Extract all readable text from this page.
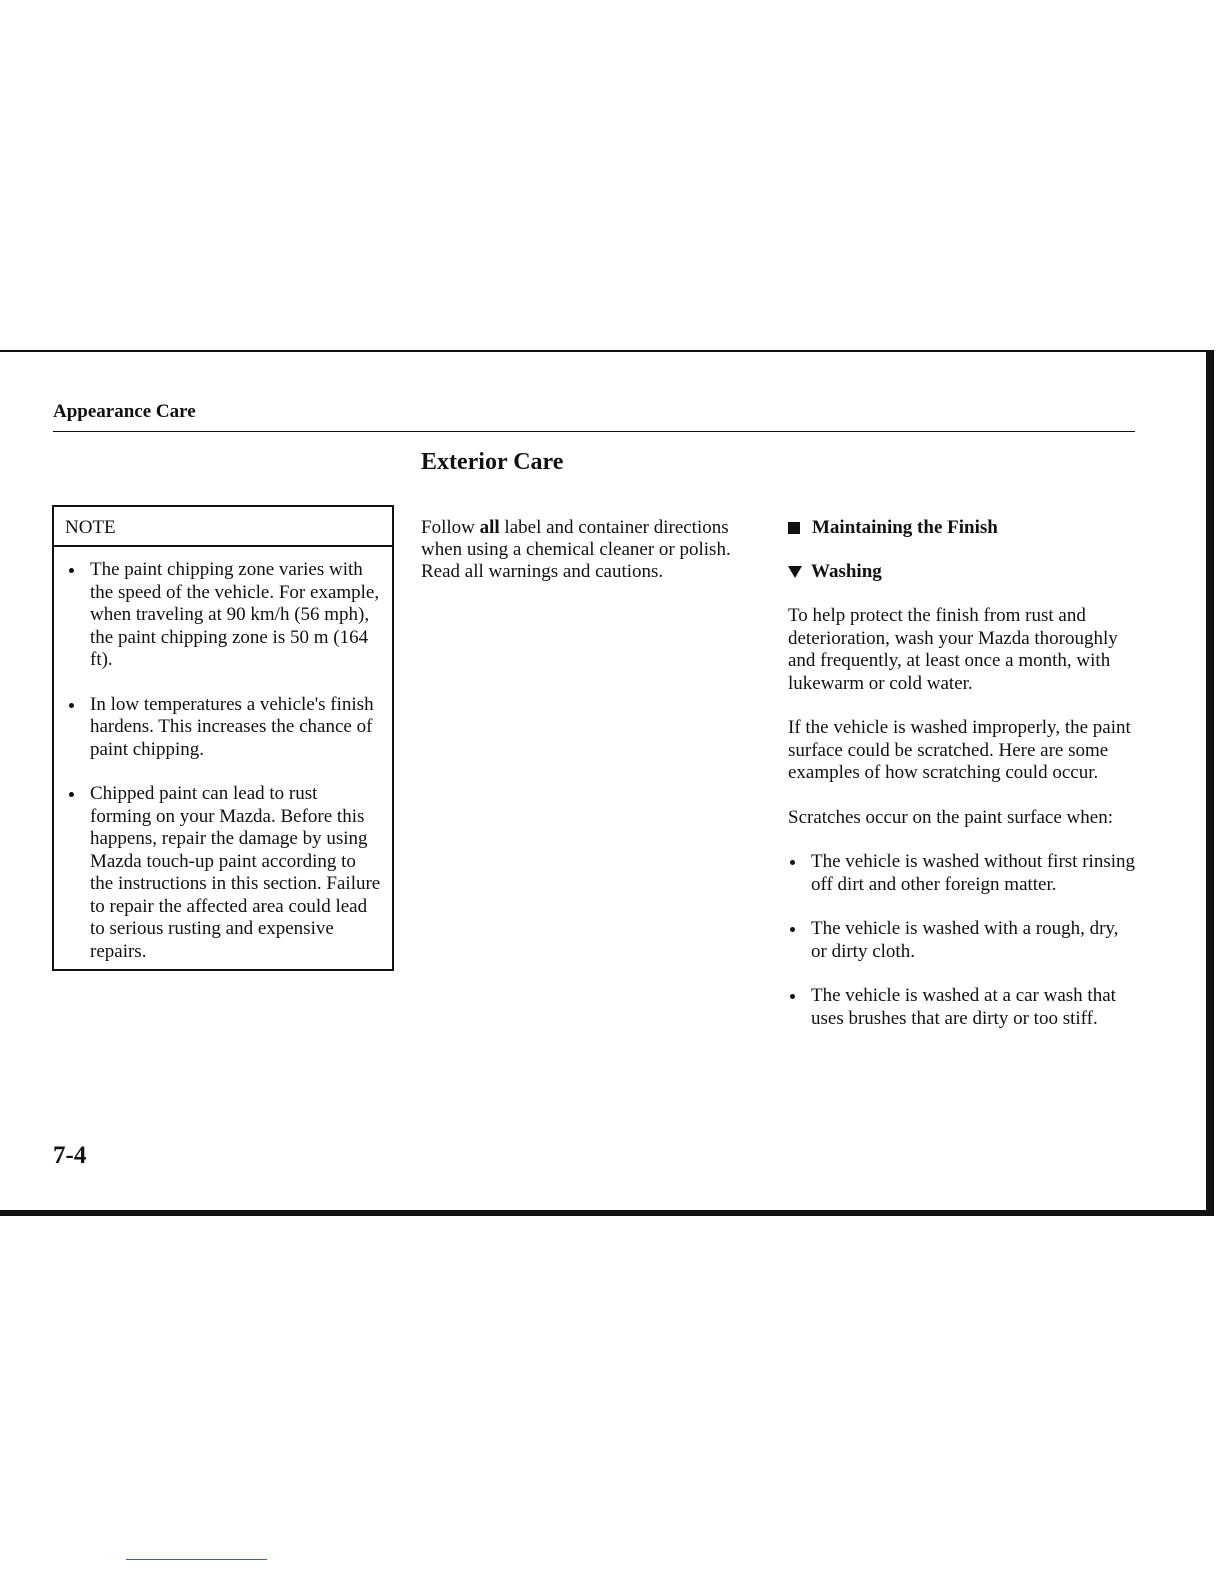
Appearance Care
Exterior Care
NOTE
The paint chipping zone varies with the speed of the vehicle. For example, when traveling at 90 km/h (56 mph), the paint chipping zone is 50 m (164 ft).
In low temperatures a vehicle's finish hardens. This increases the chance of paint chipping.
Chipped paint can lead to rust forming on your Mazda. Before this happens, repair the damage by using Mazda touch-up paint according to the instructions in this section. Failure to repair the affected area could lead to serious rusting and expensive repairs.
Follow all label and container directions when using a chemical cleaner or polish. Read all warnings and cautions.
Maintaining the Finish
Washing
To help protect the finish from rust and deterioration, wash your Mazda thoroughly and frequently, at least once a month, with lukewarm or cold water.
If the vehicle is washed improperly, the paint surface could be scratched. Here are some examples of how scratching could occur.
Scratches occur on the paint surface when:
The vehicle is washed without first rinsing off dirt and other foreign matter.
The vehicle is washed with a rough, dry, or dirty cloth.
The vehicle is washed at a car wash that uses brushes that are dirty or too stiff.
7-4
